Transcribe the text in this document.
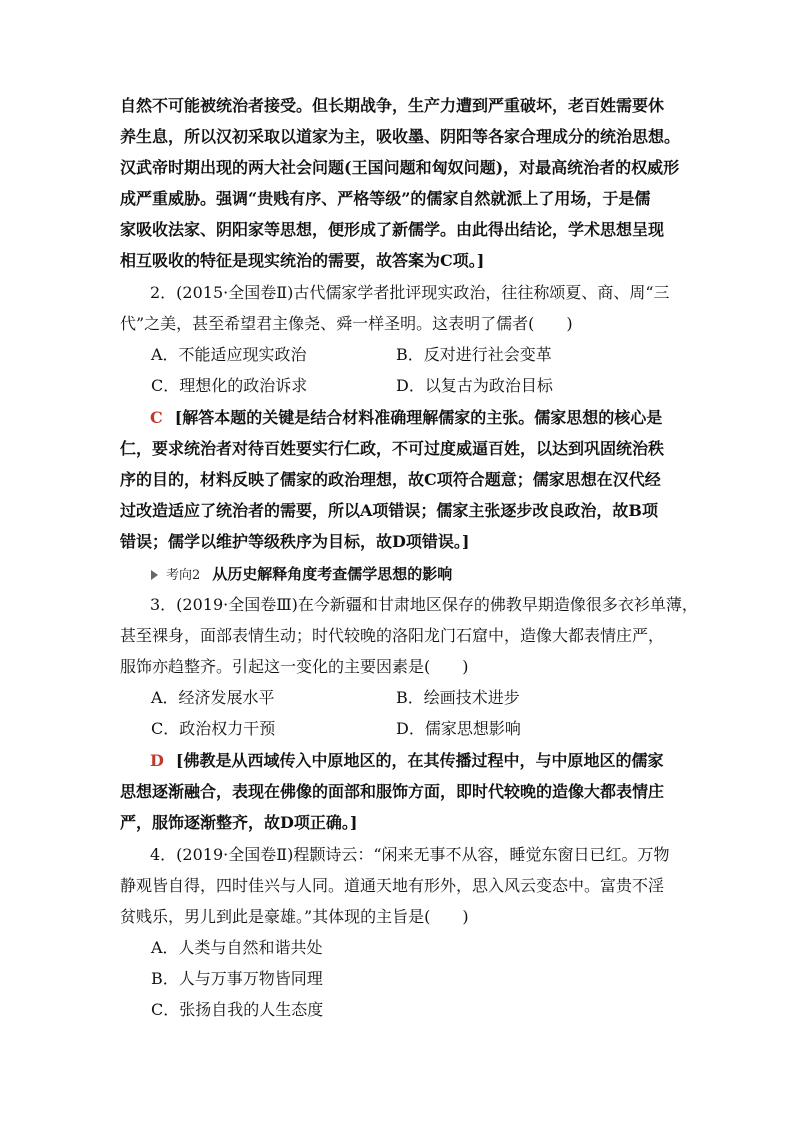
自然不可能被统治者接受。但长期战争，生产力遭到严重破坏，老百姓需要休
养生息，所以汉初采取以道家为主，吸收墨、阴阳等各家合理成分的统治思想。
汉武帝时期出现的两大社会问题(王国问题和匈奴问题)，对最高统治者的权威形
成严重威胁。强调“贵贱有序、严格等级”的儒家自然就派上了用场，于是儒
家吸收法家、阴阳家等思想，便形成了新儒学。由此得出结论，学术思想呈现
相互吸收的特征是现实统治的需要，故答案为C项。]
2．(2015·全国卷Ⅱ)古代儒家学者批评现实政治，往往称颂夏、商、周“三
代”之美，甚至希望君主像尧、舜一样圣明。这表明了儒者(　　)
A．不能适应现实政治	B．反对进行社会变革
C．理想化的政治诉求	D．以复古为政治目标
C [解答本题的关键是结合材料准确理解儒家的主张。儒家思想的核心是
仁，要求统治者对待百姓要实行仁政，不可过度威逼百姓，以达到巩固统治秩
序的目的，材料反映了儒家的政治理想，故C项符合题意；儒家思想在汉代经
过改造适应了统治者的需要，所以A项错误；儒家主张逐步改良政治，故B项
错误；儒学以维护等级秩序为目标，故D项错误。]
考向2 从历史解释角度考查儒学思想的影响
3．(2019·全国卷Ⅲ)在今新疆和甘肃地区保存的佛教早期造像很多衣衫单薄，
甚至裸身，面部表情生动；时代较晚的洛阳龙门石窟中，造像大都表情庄严，
服饰亦趋整齐。引起这一变化的主要因素是(　　)
A．经济发展水平	B．绘画技术进步
C．政治权力干预	D．儒家思想影响
D [佛教是从西域传入中原地区的，在其传播过程中，与中原地区的儒家
思想逐渐融合，表现在佛像的面部和服饰方面，即时代较晚的造像大都表情庄
严，服饰逐渐整齐，故D项正确。]
4．(2019·全国卷Ⅱ)程颢诗云：“闲来无事不从容，睡觉东窗日已红。万物
静观皆自得，四时佳兴与人同。道通天地有形外，思入风云变态中。富贵不淫
贫贱乐，男儿到此是豪雄。”其体现的主旨是(　　)
A．人类与自然和谐共处
B．人与万事万物皆同理
C．张扬自我的人生态度
